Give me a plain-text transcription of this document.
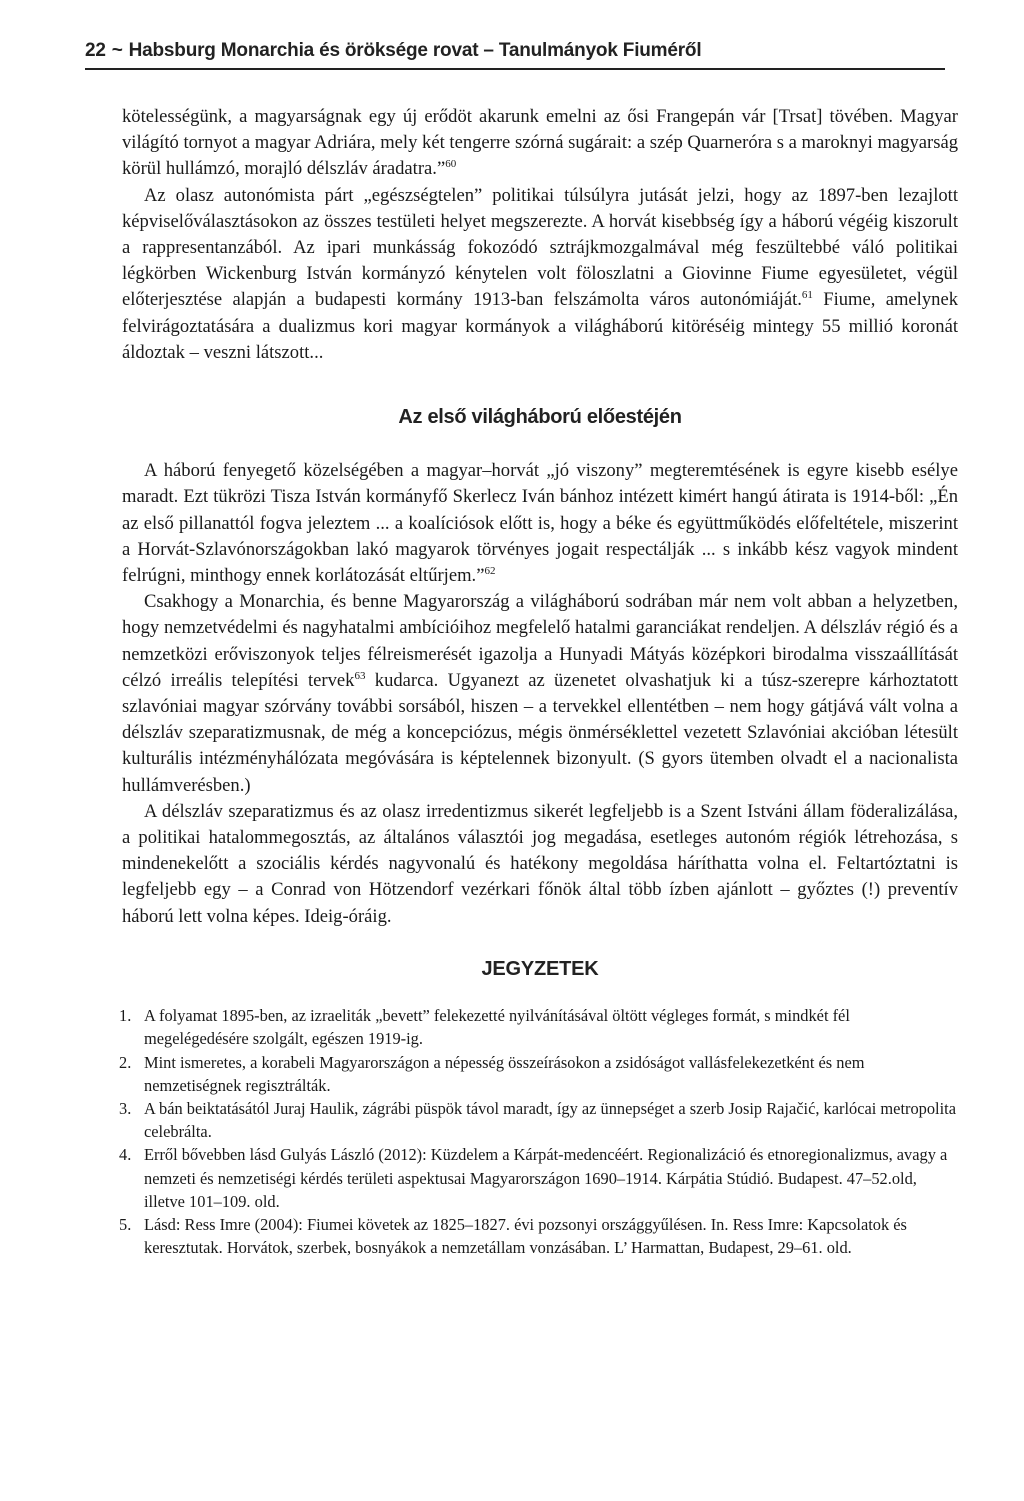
22 ~ Habsburg Monarchia és öröksége rovat – Tanulmányok Fiuméről

kötelességünk, a magyarságnak egy új erődöt akarunk emelni az ősi Frangepán vár [Trsat] tövében. Magyar világító tornyot a magyar Adriára, mely két tengerre szórná sugárait: a szép Quarneróra s a maroknyi magyarság körül hullámzó, morajló délszláv áradatra.”$^{60}$

Az olasz autonómista párt „egészségtelen” politikai túlsúlyra jutását jelzi, hogy az 1897-ben lezajlott képviselőválasztásokon az összes testületi helyet megszerezte. A horvát kisebbség így a háború végéig kiszorult a rappresentanzából. Az ipari munkásság fokozódó sztrájkmozgalmával még feszültebbé váló politikai légkörben Wickenburg István kormányzó kénytelen volt föloszlatni a Giovinne Fiume egyesületet, végül előterjesztése alapján a budapesti kormány 1913-ban felszámolta város autonómiáját.$^{61}$ Fiume, amelynek felvirágoztatására a dualizmus kori magyar kormányok a világháború kitöréséig mintegy 55 millió koronát áldoztak – veszni látszott...

Az első világháború előestéjén

A háború fenyegető közelségében a magyar–horvát „jó viszony” megteremtésének is egyre kisebb esélye maradt. Ezt tükrözi Tisza István kormányfő Skerlecz Iván bánhoz intézett kimért hangú átirata is 1914-ből: „Én az első pillanattól fogva jeleztem ... a koalíciósok előtt is, hogy a béke és együttműködés előfeltétele, miszerint a Horvát-Szlavónországokban lakó magyarok törvényes jogait respectálják ... s inkább kész vagyok mindent felrúgni, minthogy ennek korlátozását eltűrjem.”$^{62}$

Csakhogy a Monarchia, és benne Magyarország a világháború sodrában már nem volt abban a helyzetben, hogy nemzetvédelmi és nagyhatalmi ambícióihoz megfelelő hatalmi garanciákat rendeljen. A délszláv régió és a nemzetközi erőviszonyok teljes félreismerését igazolja a Hunyadi Mátyás középkori birodalma visszaállítását célzó irreális telepítési tervek$^{63}$ kudarca. Ugyanezt az üzenetet olvashatjuk ki a túsz-szerepre kárhoztatott szlavóniai magyar szórvány további sorsából, hiszen – a tervekkel ellentétben – nem hogy gátjává vált volna a délszláv szeparatizmusnak, de még a koncepciózus, mégis önmérséklettel vezetett Szlavóniai akcióban létesült kulturális intézményhálózata megóvására is képtelennek bizonyult. (S gyors ütemben olvadt el a nacionalista hullámverésben.)

A délszláv szeparatizmus és az olasz irredentizmus sikerét legfeljebb is a Szent Istváni állam föderalizálása, a politikai hatalommegosztás, az általános választói jog megadása, esetleges autonóm régiók létrehozása, s mindenekelőtt a szociális kérdés nagyvonalú és hatékony megoldása háríthatta volna el. Feltartóztatni is legfeljebb egy – a Conrad von Hötzendorf vezérkari főnök által több ízben ajánlott – győztes (!) preventív háború lett volna képes. Ideig-óráig.

JEGYZETEK
1. A folyamat 1895-ben, az izraeliták „bevett” felekezetté nyilvánításával öltött végleges formát, s mindkét fél megelégedésére szolgált, egészen 1919-ig.
2. Mint ismeretes, a korabeli Magyarországon a népesség összeírásokon a zsidóságot vallásfelekezetként és nem nemzetiségnek regisztrálták.
3. A bán beiktatásától Juraj Haulik, zágrábi püspök távol maradt, így az ünnepséget a szerb Josip Rajačić, karlócai metropolita celebrálta.
4. Erről bővebben lásd Gulyás László (2012): Küzdelem a Kárpát-medencéért. Regionalizáció és etnoregionalizmus, avagy a nemzeti és nemzetiségi kérdés területi aspektusai Magyarországon 1690–1914. Kárpátia Stúdió. Budapest. 47–52.old, illetve 101–109. old.
5. Lásd: Ress Imre (2004): Fiumei követek az 1825–1827. évi pozsonyi országgyűlésen. In. Ress Imre: Kapcsolatok és keresztutak. Horvátok, szerbek, bosnyákok a nemzetállam vonzásában. L’ Harmattan, Budapest, 29–61. old.
